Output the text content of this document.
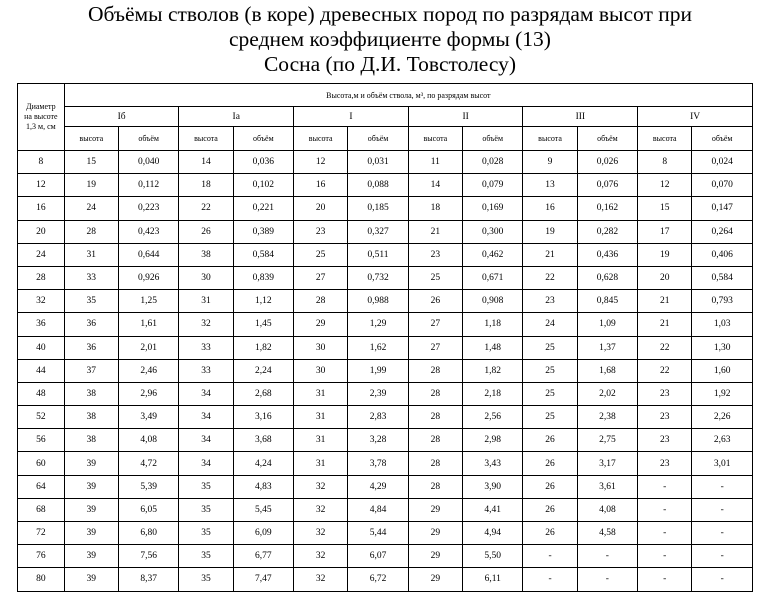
Объёмы стволов (в коре) древесных пород по разрядам высот при
среднем коэффициенте формы (13)
Сосна (по Д.И. Товстолесу)
Диаметр
на высоте
1,3 м, см	Высота,м и объём ствола, м³, по разрядам высот											
	Iб		Iа		I		II		III		IV	
	высота	объём	высота	объём	высота	объём	высота	объём	высота	объём	высота	объём
8	15	0,040	14	0,036	12	0,031	11	0,028	9	0,026	8	0,024
12	19	0,112	18	0,102	16	0,088	14	0,079	13	0,076	12	0,070
16	24	0,223	22	0,221	20	0,185	18	0,169	16	0,162	15	0,147
20	28	0,423	26	0,389	23	0,327	21	0,300	19	0,282	17	0,264
24	31	0,644	38	0,584	25	0,511	23	0,462	21	0,436	19	0,406
28	33	0,926	30	0,839	27	0,732	25	0,671	22	0,628	20	0,584
32	35	1,25	31	1,12	28	0,988	26	0,908	23	0,845	21	0,793
36	36	1,61	32	1,45	29	1,29	27	1,18	24	1,09	21	1,03
40	36	2,01	33	1,82	30	1,62	27	1,48	25	1,37	22	1,30
44	37	2,46	33	2,24	30	1,99	28	1,82	25	1,68	22	1,60
48	38	2,96	34	2,68	31	2,39	28	2,18	25	2,02	23	1,92
52	38	3,49	34	3,16	31	2,83	28	2,56	25	2,38	23	2,26
56	38	4,08	34	3,68	31	3,28	28	2,98	26	2,75	23	2,63
60	39	4,72	34	4,24	31	3,78	28	3,43	26	3,17	23	3,01
64	39	5,39	35	4,83	32	4,29	28	3,90	26	3,61	-	-
68	39	6,05	35	5,45	32	4,84	29	4,41	26	4,08	-	-
72	39	6,80	35	6,09	32	5,44	29	4,94	26	4,58	-	-
76	39	7,56	35	6,77	32	6,07	29	5,50	-	-	-	-
80	39	8,37	35	7,47	32	6,72	29	6,11	-	-	-	-
